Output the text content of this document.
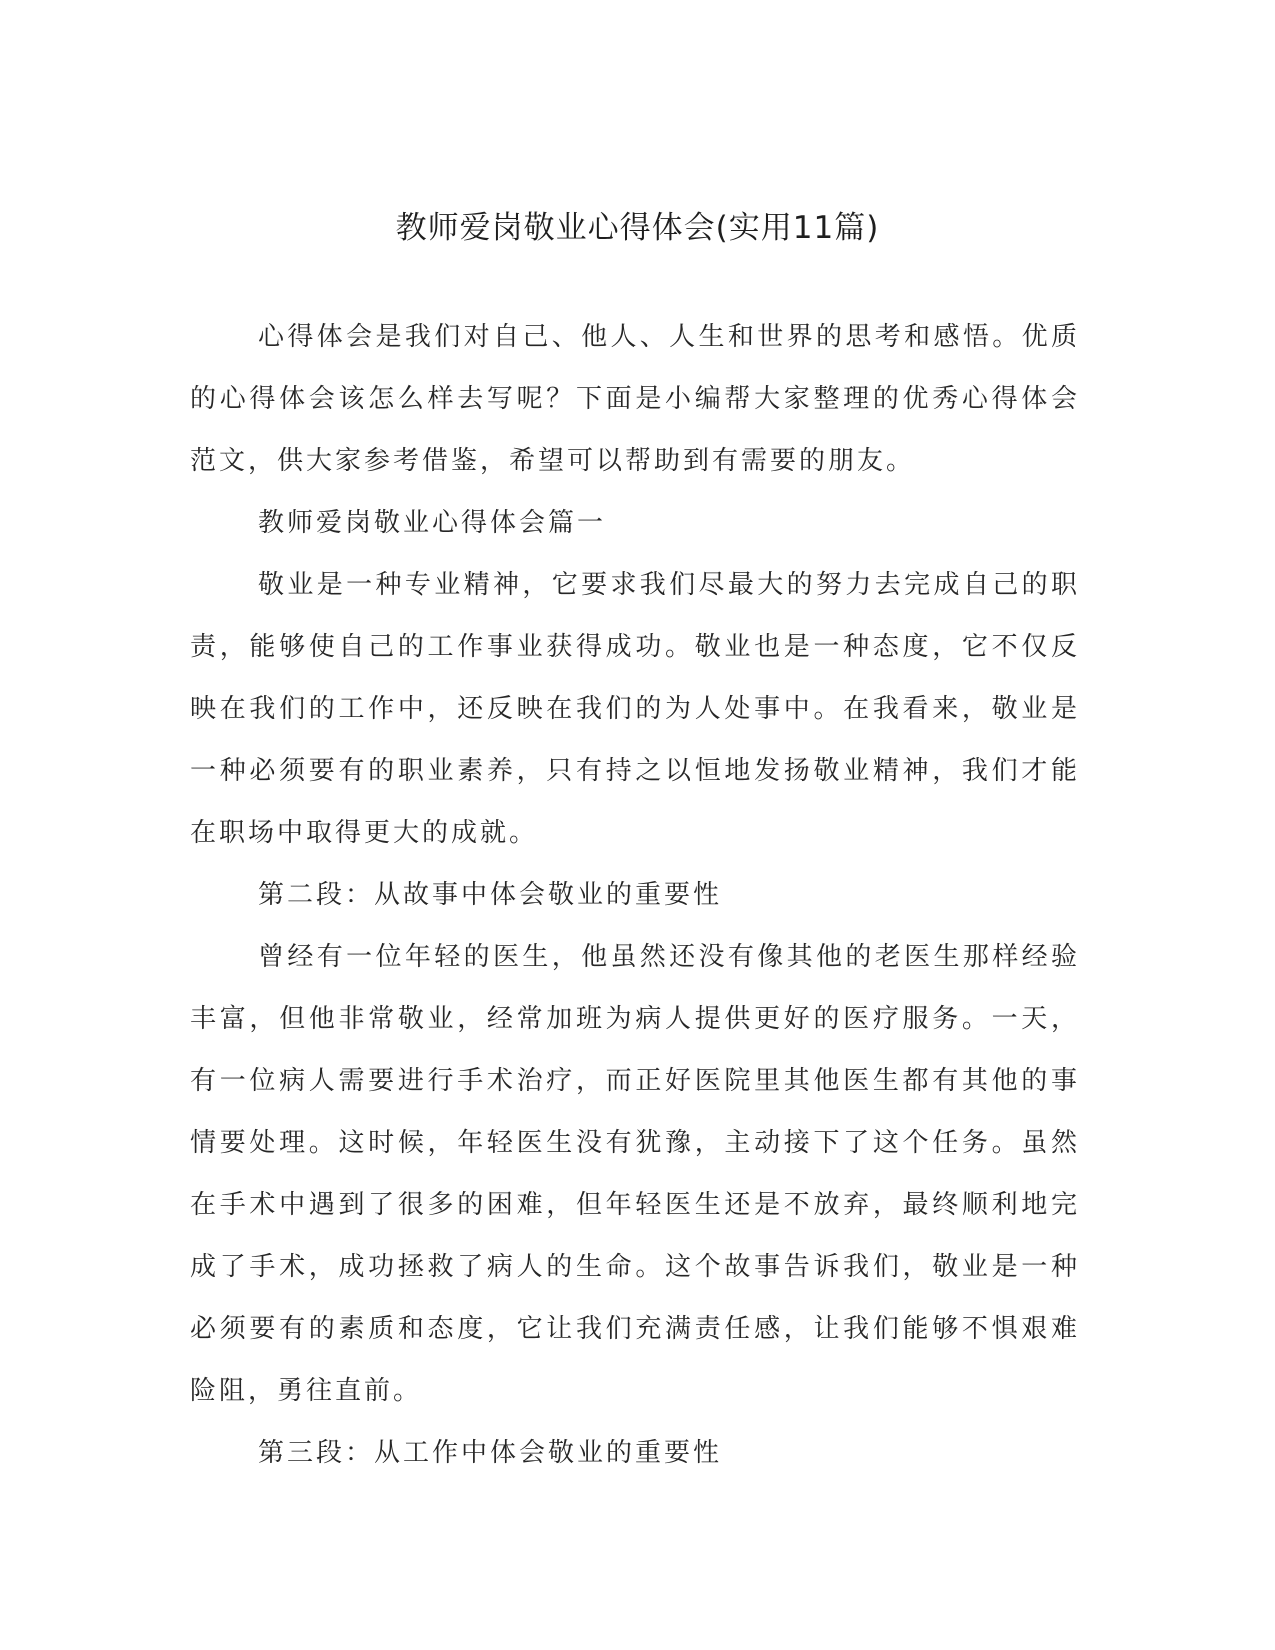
教师爱岗敬业心得体会(实用11篇)

心得体会是我们对自己、他人、人生和世界的思考和感悟。优质的心得体会该怎么样去写呢？下面是小编帮大家整理的优秀心得体会范文，供大家参考借鉴，希望可以帮助到有需要的朋友。

教师爱岗敬业心得体会篇一

敬业是一种专业精神，它要求我们尽最大的努力去完成自己的职责，能够使自己的工作事业获得成功。敬业也是一种态度，它不仅反映在我们的工作中，还反映在我们的为人处事中。在我看来，敬业是一种必须要有的职业素养，只有持之以恒地发扬敬业精神，我们才能在职场中取得更大的成就。

第二段：从故事中体会敬业的重要性

曾经有一位年轻的医生，他虽然还没有像其他的老医生那样经验丰富，但他非常敬业，经常加班为病人提供更好的医疗服务。一天，有一位病人需要进行手术治疗，而正好医院里其他医生都有其他的事情要处理。这时候，年轻医生没有犹豫，主动接下了这个任务。虽然在手术中遇到了很多的困难，但年轻医生还是不放弃，最终顺利地完成了手术，成功拯救了病人的生命。这个故事告诉我们，敬业是一种必须要有的素质和态度，它让我们充满责任感，让我们能够不惧艰难险阻，勇往直前。

第三段：从工作中体会敬业的重要性
